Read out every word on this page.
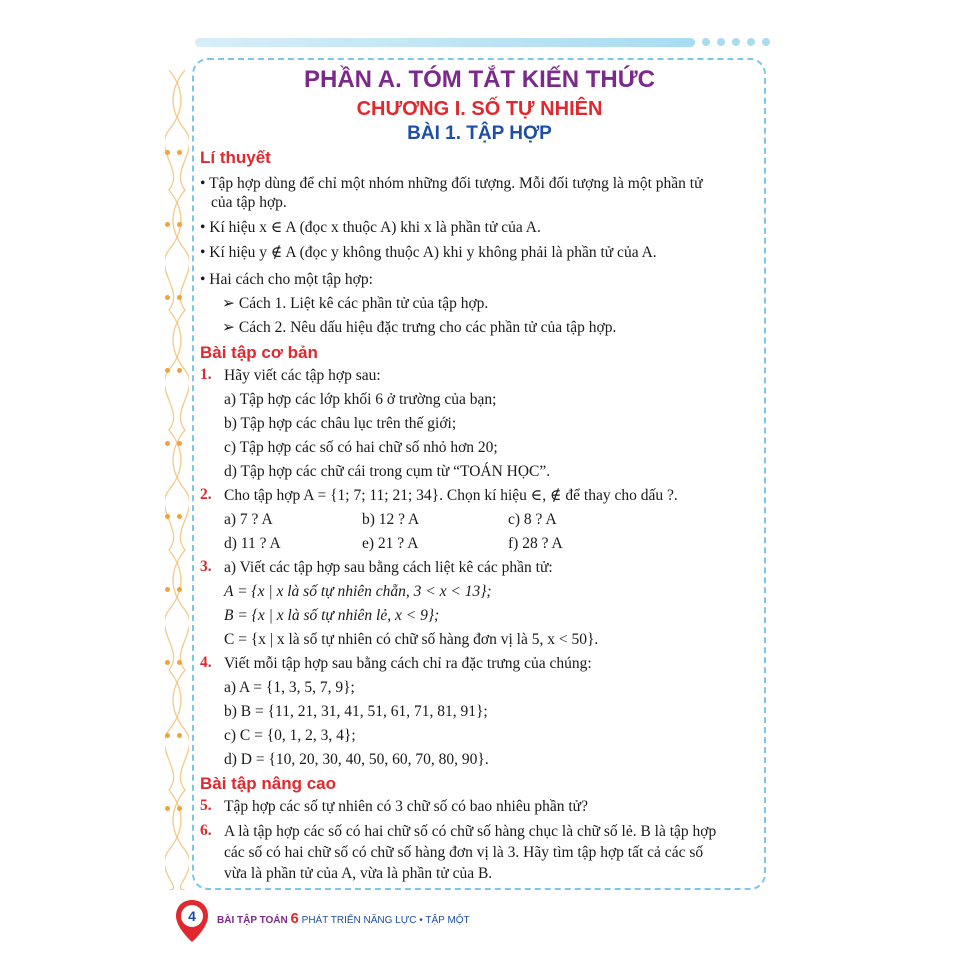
PHẦN A. TÓM TẮT KIẾN THỨC
CHƯƠNG I. SỐ TỰ NHIÊN
BÀI 1. TẬP HỢP
Lí thuyết
• Tập hợp dùng để chỉ một nhóm những đối tượng. Mỗi đối tượng là một phần tử
của tập hợp.
• Kí hiệu x ∈ A (đọc x thuộc A) khi x là phần tử của A.
• Kí hiệu y ∉ A (đọc y không thuộc A) khi y không phải là phần tử của A.
• Hai cách cho một tập hợp:
➢ Cách 1. Liệt kê các phần tử của tập hợp.
➢ Cách 2. Nêu dấu hiệu đặc trưng cho các phần tử của tập hợp.
Bài tập cơ bản
1. Hãy viết các tập hợp sau:
a) Tập hợp các lớp khối 6 ở trường của bạn;
b) Tập hợp các châu lục trên thế giới;
c) Tập hợp các số có hai chữ số nhỏ hơn 20;
d) Tập hợp các chữ cái trong cụm từ “TOÁN HỌC”.
2. Cho tập hợp A = {1; 7; 11; 21; 34}. Chọn kí hiệu ∈, ∉ để thay cho dấu ?.
a) 7 ? A	b) 12 ? A	c) 8 ? A
d) 11 ? A	e) 21 ? A	f) 28 ? A
3. a) Viết các tập hợp sau bằng cách liệt kê các phần tử:
A = {x | x là số tự nhiên chẵn, 3 < x < 13};
B = {x | x là số tự nhiên lẻ, x < 9};
C = {x | x là số tự nhiên có chữ số hàng đơn vị là 5, x < 50}.
4. Viết mỗi tập hợp sau bằng cách chỉ ra đặc trưng của chúng:
a) A = {1, 3, 5, 7, 9};
b) B = {11, 21, 31, 41, 51, 61, 71, 81, 91};
c) C = {0, 1, 2, 3, 4};
d) D = {10, 20, 30, 40, 50, 60, 70, 80, 90}.
Bài tập nâng cao
5. Tập hợp các số tự nhiên có 3 chữ số có bao nhiêu phần tử?
6. A là tập hợp các số có hai chữ số có chữ số hàng chục là chữ số lẻ. B là tập hợp
các số có hai chữ số có chữ số hàng đơn vị là 3. Hãy tìm tập hợp tất cả các số
vừa là phần tử của A, vừa là phần tử của B.
4 BÀI TẬP TOÁN 6 PHÁT TRIỂN NĂNG LỰC • TẬP MỘT
